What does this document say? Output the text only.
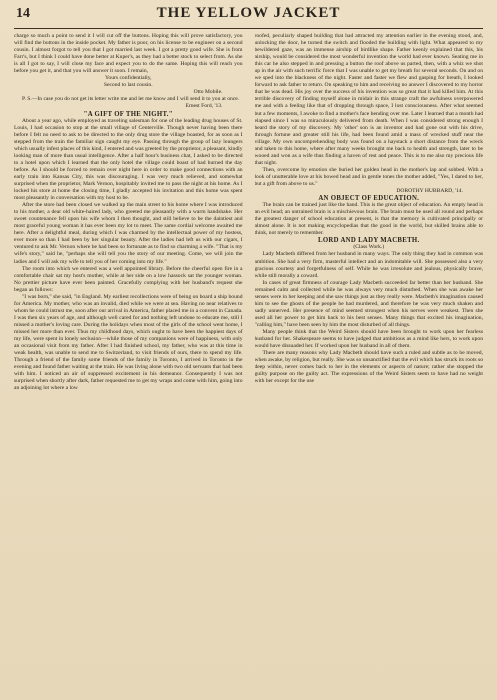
14	THE YELLOW JACKET

charge so much a point to send it I will cut off the buttons. Hoping this will prove satisfactory, you will find the buttons in the inside pocket. My father is poor, on his license to be engineer on a second cousin. I almost forgot to tell you that I got married last week. I got a pretty good wife. She is from Farr's, but I think I could have done better at Kuper's, as they had a better stock to select from. As she is all I got to say, I will close my face and expect you to do the same. Hoping this will reach you before you get it, and that you will answer it soon. I remain,

Yours confidentially,

Second to last cousin.

Otto Mobile.

P. S.—In case you do not get its letter write me and let me know and I will send it to you at once.

Ernest Ford, '13.

"A GIFT OF THE NIGHT."

About a year ago, while employed as traveling salesman for one of the leading drug houses of St. Louis, I had occasion to stop at the small village of Centerville. Though never having been there before I felt no need to ask to be directed to the only drug store the village boasted, for as soon as I stepped from the train the familiar sign caught my eye. Passing through the group of lazy loungers which usually infest places of this kind, I entered and was greeted by the proprietor, a pleasant, kindly looking man of more than usual intelligence. After a half hour's business chat, I asked to be directed to a hotel upon which I learned that the only hotel the village could boast of had burned the day before. As I should be forced to remain over night here in order to make good connections with an early train into Kansas City, this was discouraging. I was very much relieved, and somewhat surprised when the proprietor, Mark Vernon, hospitably invited me to pass the night at his home. As I locked his store at home the closing time, I gladly accepted his invitation and this home was spent most pleasantly in conversation with my host to be.

After the store had been closed we walked up the main street to his home where I was introduced to his mother, a dear old white-haired lady, who greeted me pleasantly with a warm handshake. Her sweet countenance fell upon his wife whom I then thought, and still believe to be the daintiest and most graceful young woman it has ever been my lot to meet. The same cordial welcome awaited me here. After a delightful meal, during which I was charmed by the intellectual power of my hostess, ever more so than I had been by her singular beauty. After the ladies had left us with our cigars, I ventured to ask Mr. Vernon where he had been so fortunate as to find so charming a wife. "That is my wife's story," said he, "perhaps she will tell you the story of our meeting. Come, we will join the ladies and I will ask my wife to tell you of her coming into my life."

The room into which we entered was a well appointed library. Before the cheerful open fire in a comfortable chair sat my host's mother, while at her side on a low hassock sat the younger woman. No prettier picture have ever been painted. Gracefully complying with her husband's request she began as follows:

"I was born," she said, "in England. My earliest recollections were of being on board a ship bound for America. My mother, who was an invalid, died while we were at sea. Having no near relatives to whom he could intrust me, soon after our arrival in America, father placed me in a convent in Canada. I was then six years of age, and although well cared for and nothing left undone to educate me, still I missed a mother's loving care. During the holidays when most of the girls of the school went home, I missed her more than ever. Thus my childhood days, which ought to have been the happiest days of my life, were spent in lonely seclusion—while those of my companions were of happiness, with only an occasional visit from my father. After I had finished school, my father, who was at this time in weak health, was unable to send me to Switzerland, to visit friends of ours, there to spend my life. Through a friend of the family some friends of the family in Toronto, I arrived in Toronto in the evening and found father waiting at the train. He was living alone with two old servants that had been with him. I noticed an air of suppressed excitement in his demeanor. Consequently I was not surprised when shortly after dark, father requested me to get my wraps and come with him, going into an adjoining lot where a low

roofed, peculiarly shaped building that had attracted my attention earlier in the evening stood, and, unlocking the door, he turned the switch and flooded the building with light. What appeared to my bewildered gaze, was an immense airship of birdlike shape. Father keenly explained that this, his airship, would be considered the most wonderful invention the world had ever known. Seating me in this car he also stepped in and pressing a button the roof above us parted, then, with a whiz we shot up in the air with such terrific force that I was unable to get my breath for several seconds. On and on we sped into the blackness of the night. Faster and faster we flew and gasping for breath, I looked forward to ask father to return. On speaking to him and receiving no answer I discovered to my horror that he was dead. His joy over the success of his invention was so great that it had killed him. At this terrible discovery of finding myself alone in midair in this strange craft the awfulness overpowered me and with a feeling like that of dropping through space, I lost consciousness. After what seemed but a few moments, I awoke to find a mother's face bending over me. Later I learned that a month had elapsed since I was so miraculously delivered from death. When I was considered strong enough I heard the story of my discovery. My 'other' son is an inventor and had gone out with his drive, through fortune and greater still his life, had been found amid a mass of wrecked stuff near the village. My own uncomprehending body was found on a haystack a short distance from the wreck and taken to this home, where after many weeks brought me back to health and strength, later to be wooed and won as a wife thus finding a haven of rest and peace. This is to me also my precious life that night.

Then, overcome by emotion she buried her golden head in the mother's lap and sobbed. With a look of unutterable love at his bowed head and in gentle tones the mother added, "Yes, I dared to her, but a gift from above to us."

DOROTHY HUBBARD, '14.

AN OBJECT OF EDUCATION.

The brain can be trained just like the hand. This is the great object of education. An empty head is an evil head; an untrained brain is a mischievous brain. The brain must be used all round and perhaps the greatest danger of school education at present, is that the memory is cultivated principally or almost alone. It is not making encyclopedias that the good in the world, but skilled brains able to think, not merely to remember.

LORD AND LADY MACBETH.

(Class Work.)

Lady Macbeth differed from her husband in many ways. The only thing they had in common was ambition. She had a very firm, masterful intellect and an indomitable will. She possessed also a very gracious courtesy and forgetfulness of self. While he was irresolute and jealous, physically brave, while still morally a coward.

In cases of great firmness of courage Lady Macbeth succeeded far better than her husband. She remained calm and collected while he was always very much disturbed. When she was awake her senses were in her keeping and she saw things just as they really were. Macbeth's imagination caused him to see the ghosts of the people he had murdered, and therefore he was very much shaken and sadly unnerved. Her presence of mind seemed strongest when his nerves were weakest. Then she used all her power to get him back to his best senses. Many things that excited his imagination, "calling him," have been seen by him the most disturbed of all things.

Many people think that the Weird Sisters should have been brought to work upon her fearless husband for her. Shakespeare seems to have judged that ambitious as a mind like hers, to work upon would have dissuaded her. If worked upon her husband in all of them.

There are many reasons why Lady Macbeth should have such a ruled and subtle as to be moved, when awake, by religion, but really. She was so unsanctified that the evil which has struck its roots so deep within, never comes back to her in the elements or aspects of nature; rather she stopped the guilty purpose on the guilty act. The expressions of the Weird Sisters seem to have had no weight with her except for the use
